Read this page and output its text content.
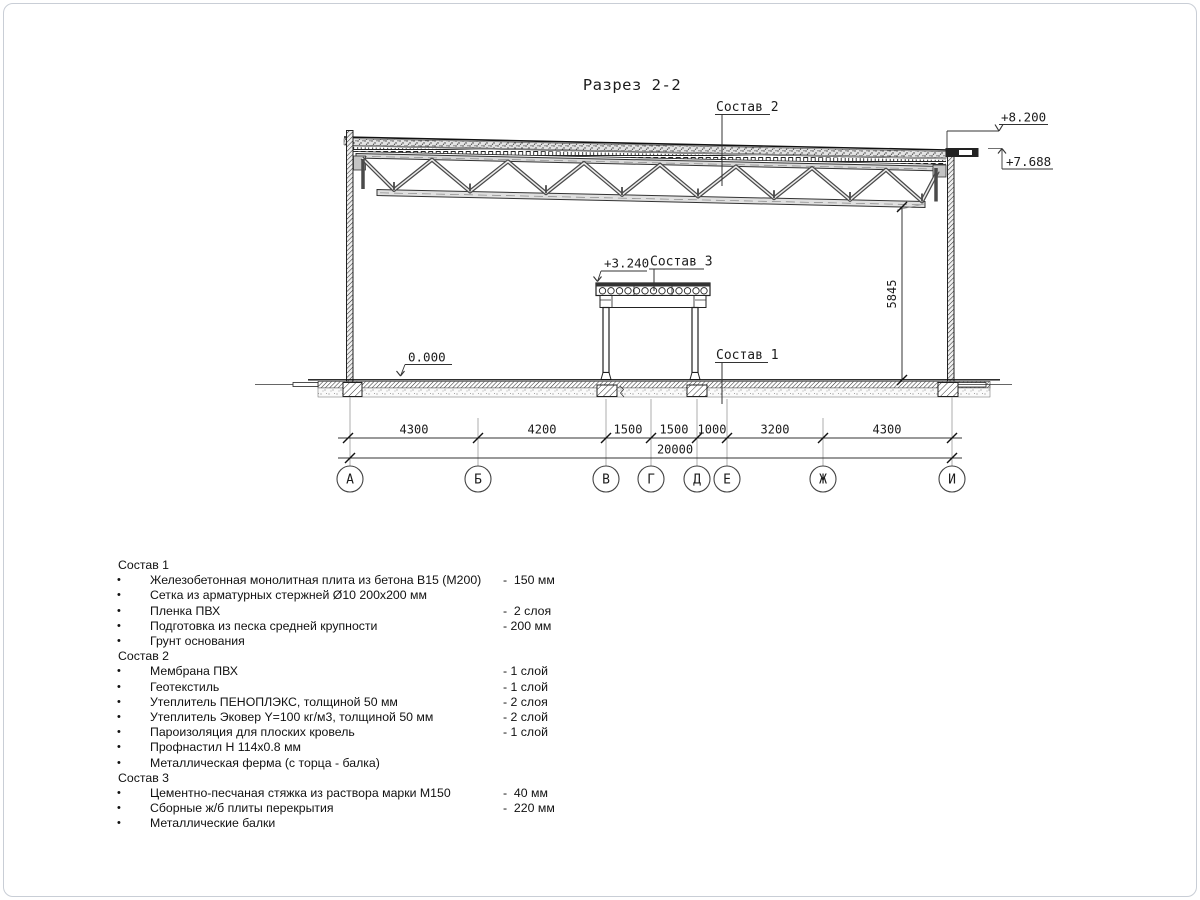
Разрез 2-2
4300	4200	1500 1500 1000	3200	4300
20000
А	Б	В	Г	Д Е	Ж	И
5845
+8.200
+7.688
+3.240
0.000
Состав 2
Состав 3
Состав 1
Состав 1
• Железобетонная монолитная плита из бетона В15 (М200) -  150 мм
• Сетка из арматурных стержней Ø10 200x200 мм
• Пленка ПВХ	-  2 слоя
• Подготовка из песка средней крупности	- 200 мм
• Грунт основания
Состав 2
• Мембрана ПВХ	- 1 слой
• Геотекстиль	- 1 слой
• Утеплитель ПЕНОПЛЭКС, толщиной 50 мм	- 2 слоя
• Утеплитель Эковер Y=100 кг/м3, толщиной 50 мм	- 2 слой
• Пароизоляция для плоских кровель	- 1 слой
• Профнастил Н 114x0.8 мм
• Металлическая ферма (с торца - балка)
Состав 3
• Цементно-песчаная стяжка из раствора марки М150	-  40 мм
• Сборные ж/б плиты перекрытия	-  220 мм
• Металлические балки
